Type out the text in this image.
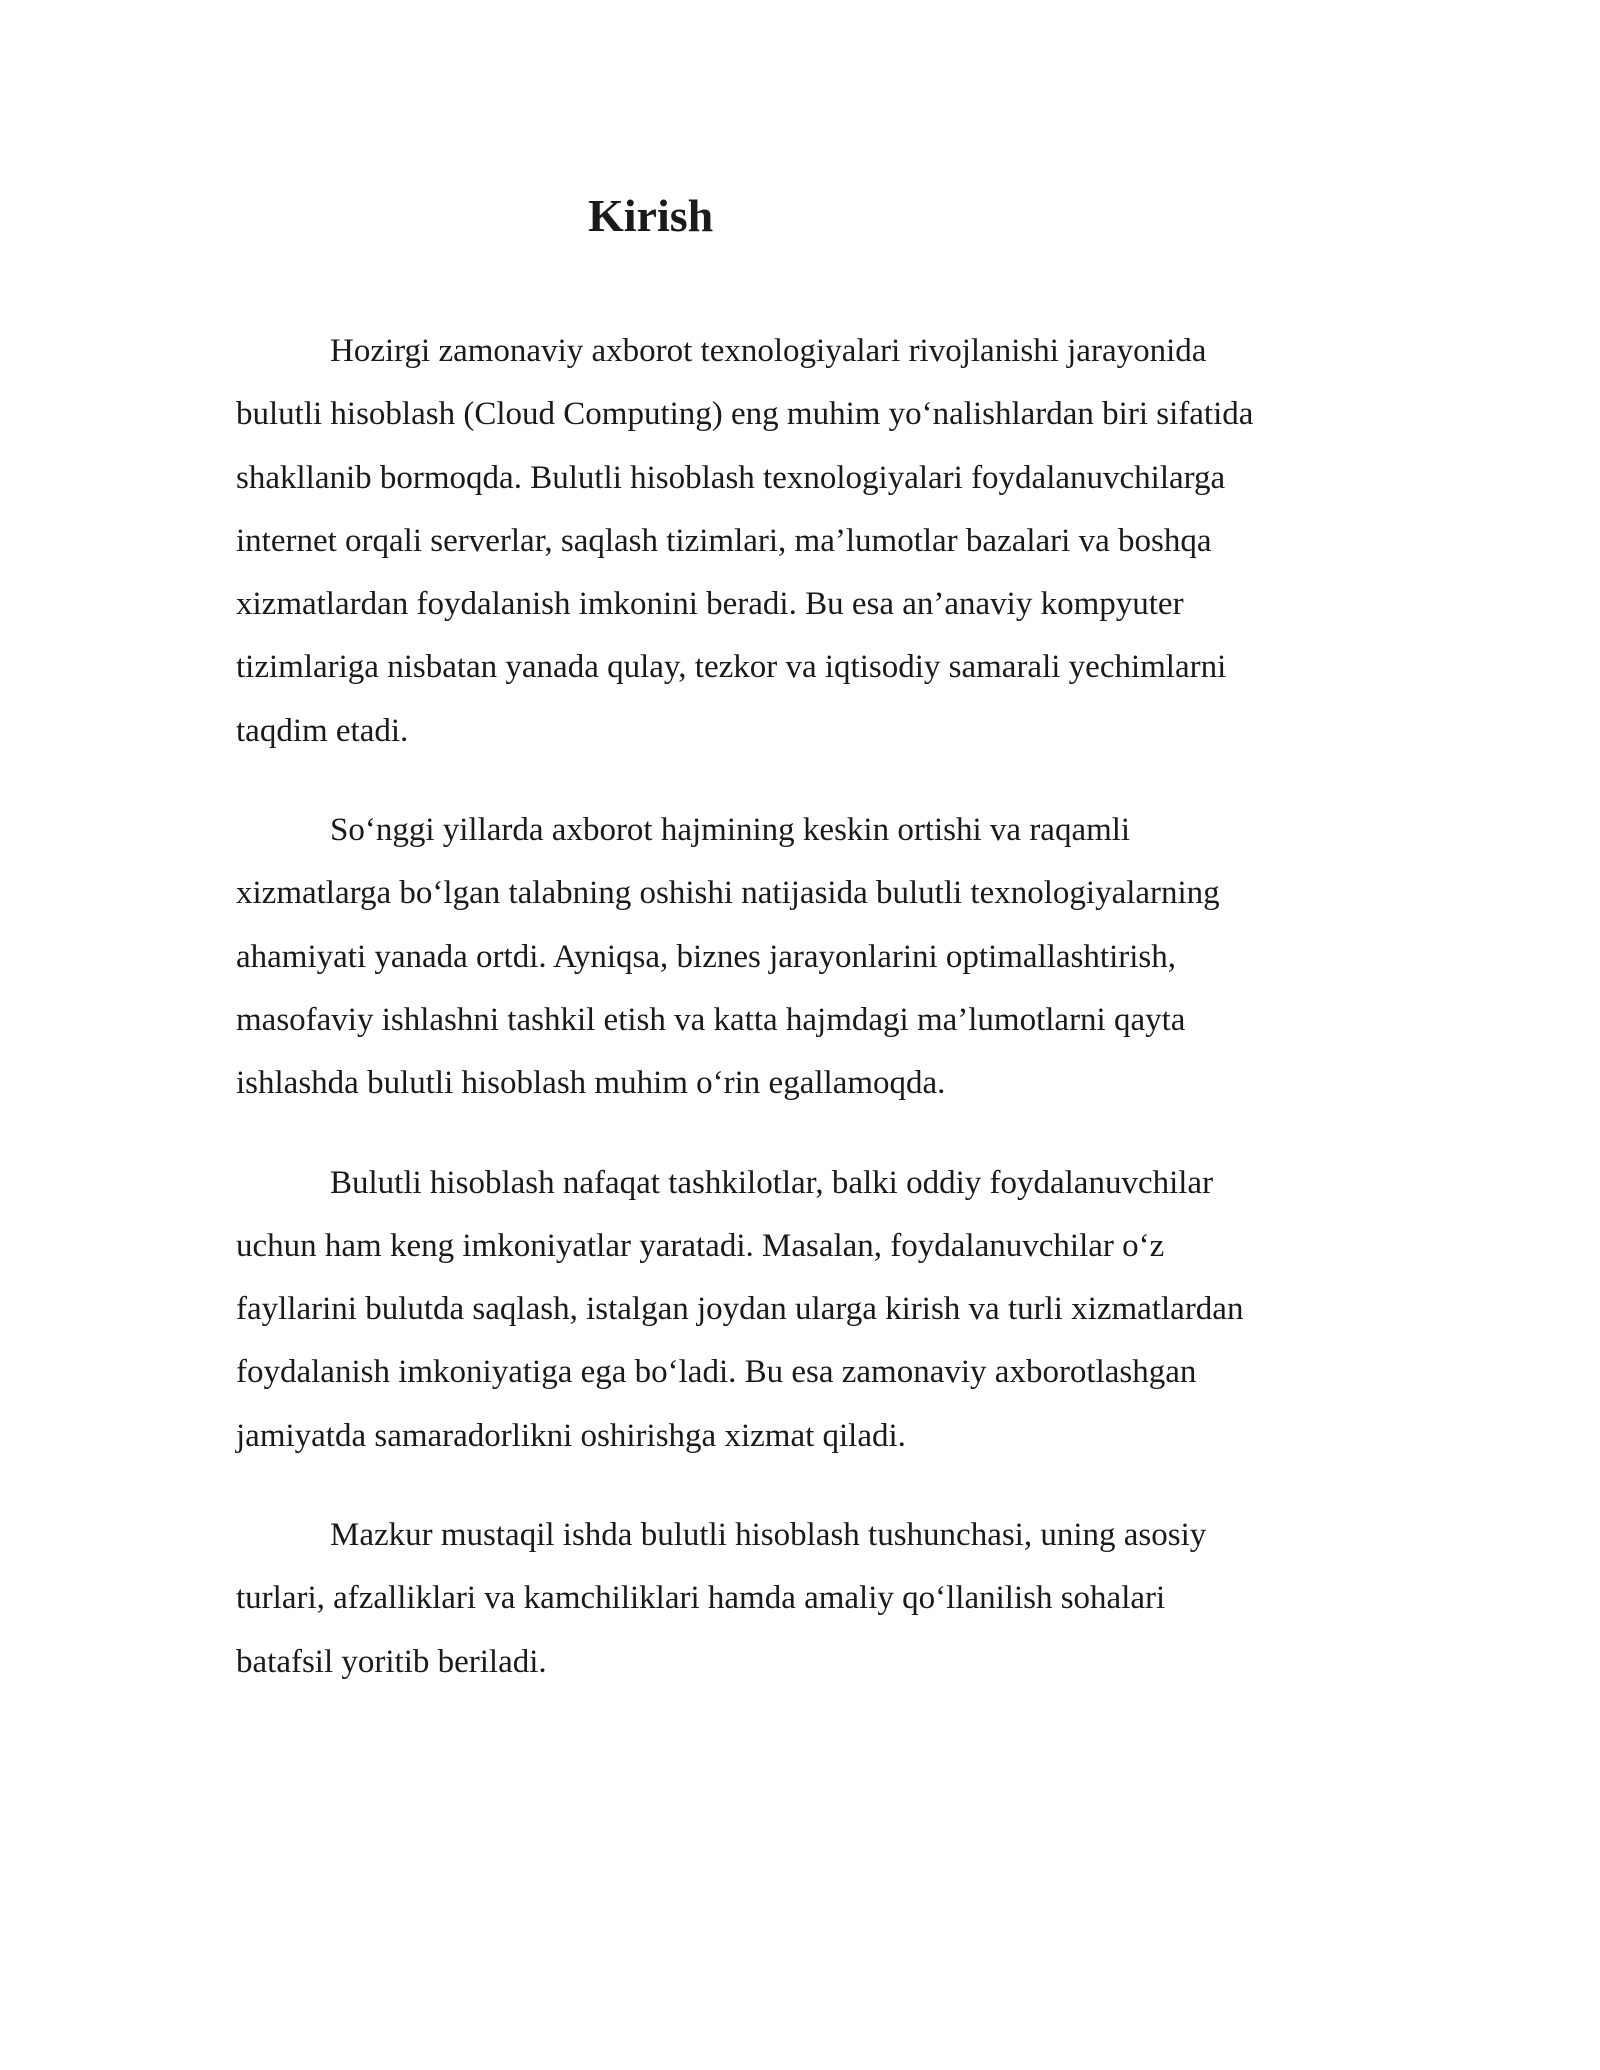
Kirish

Hozirgi zamonaviy axborot texnologiyalari rivojlanishi jarayonida
bulutli hisoblash (Cloud Computing) eng muhim yo‘nalishlardan biri sifatida
shakllanib bormoqda. Bulutli hisoblash texnologiyalari foydalanuvchilarga
internet orqali serverlar, saqlash tizimlari, ma’lumotlar bazalari va boshqa
xizmatlardan foydalanish imkonini beradi. Bu esa an’anaviy kompyuter
tizimlariga nisbatan yanada qulay, tezkor va iqtisodiy samarali yechimlarni
taqdim etadi.

So‘nggi yillarda axborot hajmining keskin ortishi va raqamli
xizmatlarga bo‘lgan talabning oshishi natijasida bulutli texnologiyalarning
ahamiyati yanada ortdi. Ayniqsa, biznes jarayonlarini optimallashtirish,
masofaviy ishlashni tashkil etish va katta hajmdagi ma’lumotlarni qayta
ishlashda bulutli hisoblash muhim o‘rin egallamoqda.

Bulutli hisoblash nafaqat tashkilotlar, balki oddiy foydalanuvchilar
uchun ham keng imkoniyatlar yaratadi. Masalan, foydalanuvchilar o‘z
fayllarini bulutda saqlash, istalgan joydan ularga kirish va turli xizmatlardan
foydalanish imkoniyatiga ega bo‘ladi. Bu esa zamonaviy axborotlashgan
jamiyatda samaradorlikni oshirishga xizmat qiladi.

Mazkur mustaqil ishda bulutli hisoblash tushunchasi, uning asosiy
turlari, afzalliklari va kamchiliklari hamda amaliy qo‘llanilish sohalari
batafsil yoritib beriladi.
